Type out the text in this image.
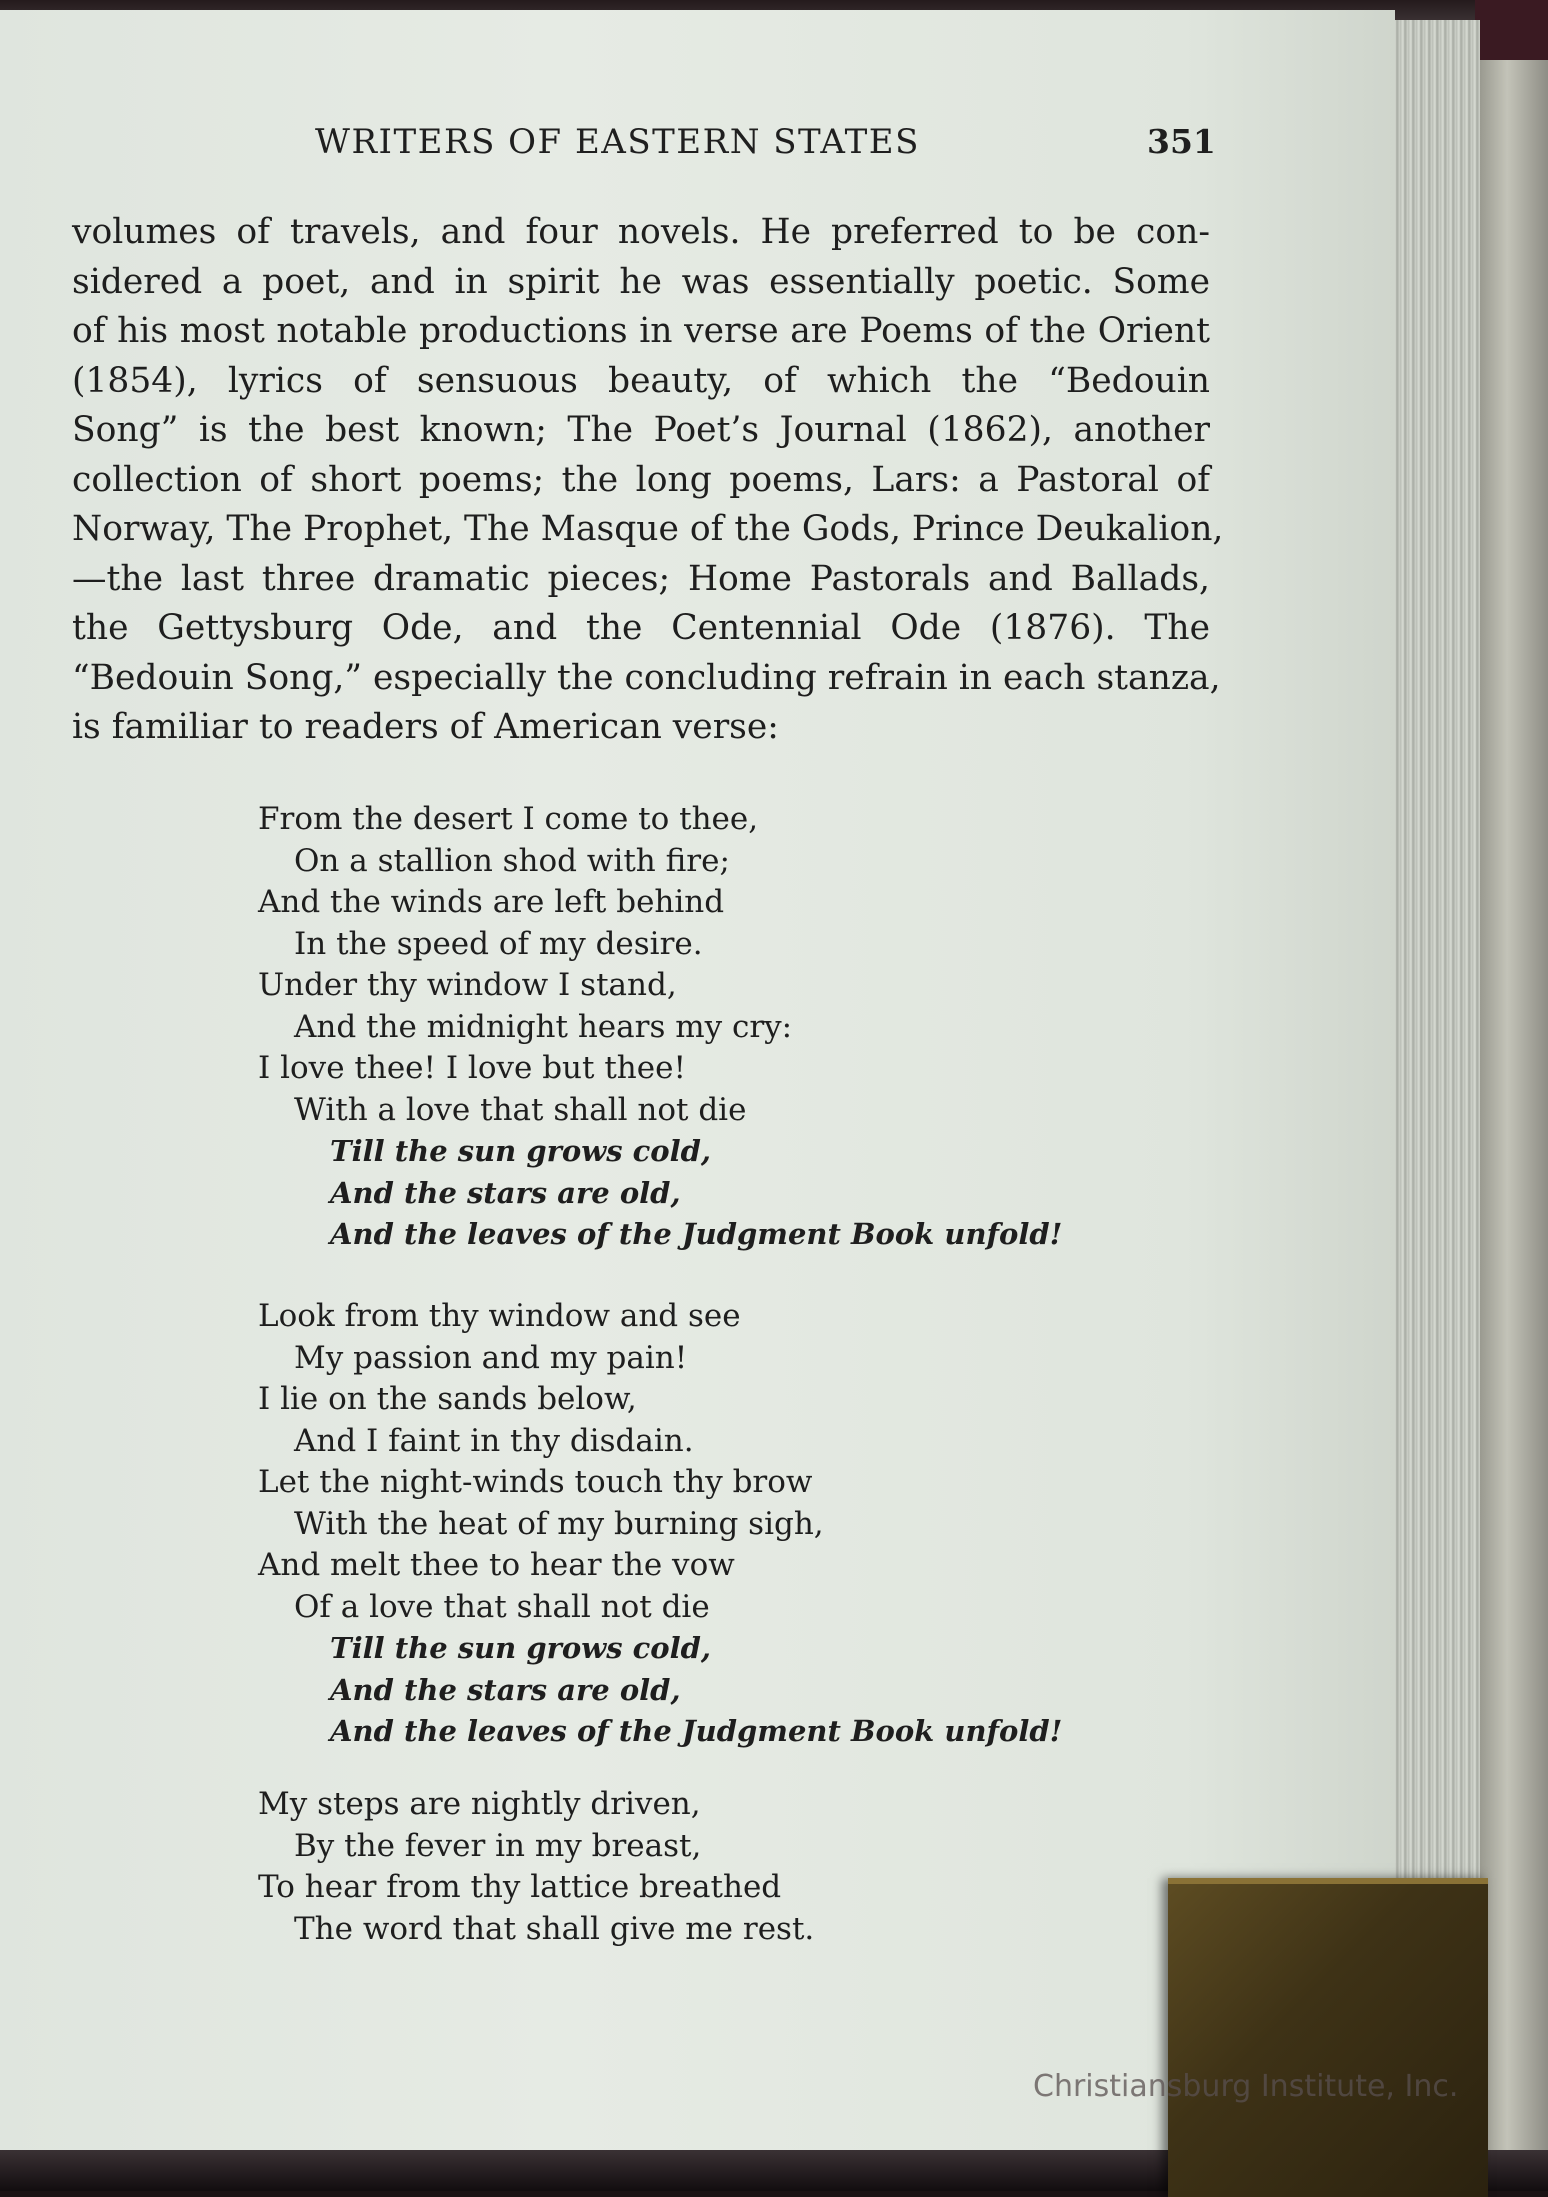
WRITERS OF EASTERN STATES	351
volumes of travels, and four novels. He preferred to be con-
sidered a poet, and in spirit he was essentially poetic. Some
of his most notable productions in verse are Poems of the Orient
(1854), lyrics of sensuous beauty, of which the “Bedouin
Song” is the best known; The Poet’s Journal (1862), another
collection of short poems; the long poems, Lars: a Pastoral of
Norway, The Prophet, The Masque of the Gods, Prince Deukalion,
—the last three dramatic pieces; Home Pastorals and Ballads,
the Gettysburg Ode, and the Centennial Ode (1876). The
“Bedouin Song,” especially the concluding refrain in each stanza,
is familiar to readers of American verse:
From the desert I come to thee,
On a stallion shod with fire;
And the winds are left behind
In the speed of my desire.
Under thy window I stand,
And the midnight hears my cry:
I love thee! I love but thee!
With a love that shall not die
Till the sun grows cold,
And the stars are old,
And the leaves of the Judgment Book unfold!
Look from thy window and see
My passion and my pain!
I lie on the sands below,
And I faint in thy disdain.
Let the night-winds touch thy brow
With the heat of my burning sigh,
And melt thee to hear the vow
Of a love that shall not die
Till the sun grows cold,
And the stars are old,
And the leaves of the Judgment Book unfold!
My steps are nightly driven,
By the fever in my breast,
To hear from thy lattice breathed
The word that shall give me rest.
Christiansburg Institute, Inc.
